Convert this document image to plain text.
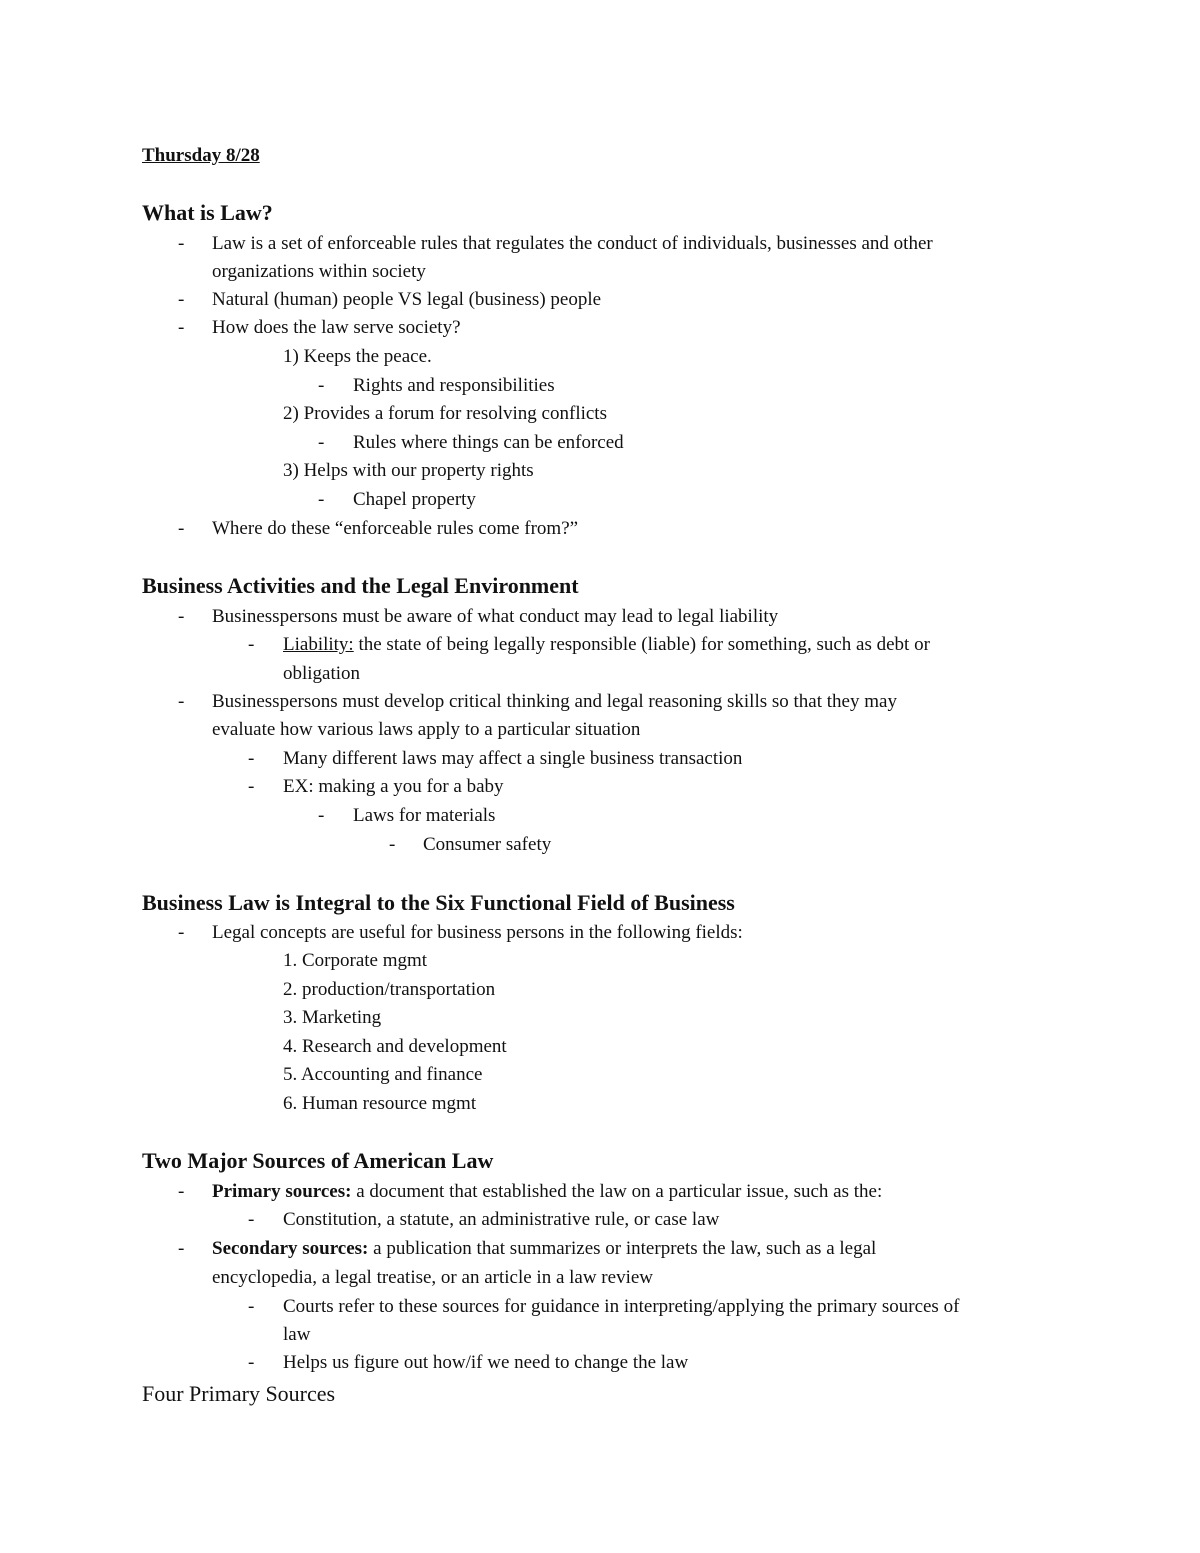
Thursday 8/28
What is Law?
- Law is a set of enforceable rules that regulates the conduct of individuals, businesses and other
organizations within society
- Natural (human) people VS legal (business) people
- How does the law serve society?
1) Keeps the peace.
- Rights and responsibilities
2) Provides a forum for resolving conflicts
- Rules where things can be enforced
3) Helps with our property rights
- Chapel property
- Where do these “enforceable rules come from?”
Business Activities and the Legal Environment
- Businesspersons must be aware of what conduct may lead to legal liability
- Liability: the state of being legally responsible (liable) for something, such as debt or
obligation
- Businesspersons must develop critical thinking and legal reasoning skills so that they may
evaluate how various laws apply to a particular situation
- Many different laws may affect a single business transaction
- EX: making a you for a baby
- Laws for materials
- Consumer safety
Business Law is Integral to the Six Functional Field of Business
- Legal concepts are useful for business persons in the following fields:
1. Corporate mgmt
2. production/transportation
3. Marketing
4. Research and development
5. Accounting and finance
6. Human resource mgmt
Two Major Sources of American Law
- Primary sources: a document that established the law on a particular issue, such as the:
- Constitution, a statute, an administrative rule, or case law
- Secondary sources: a publication that summarizes or interprets the law, such as a legal
encyclopedia, a legal treatise, or an article in a law review
- Courts refer to these sources for guidance in interpreting/applying the primary sources of
law
- Helps us figure out how/if we need to change the law
Four Primary Sources
